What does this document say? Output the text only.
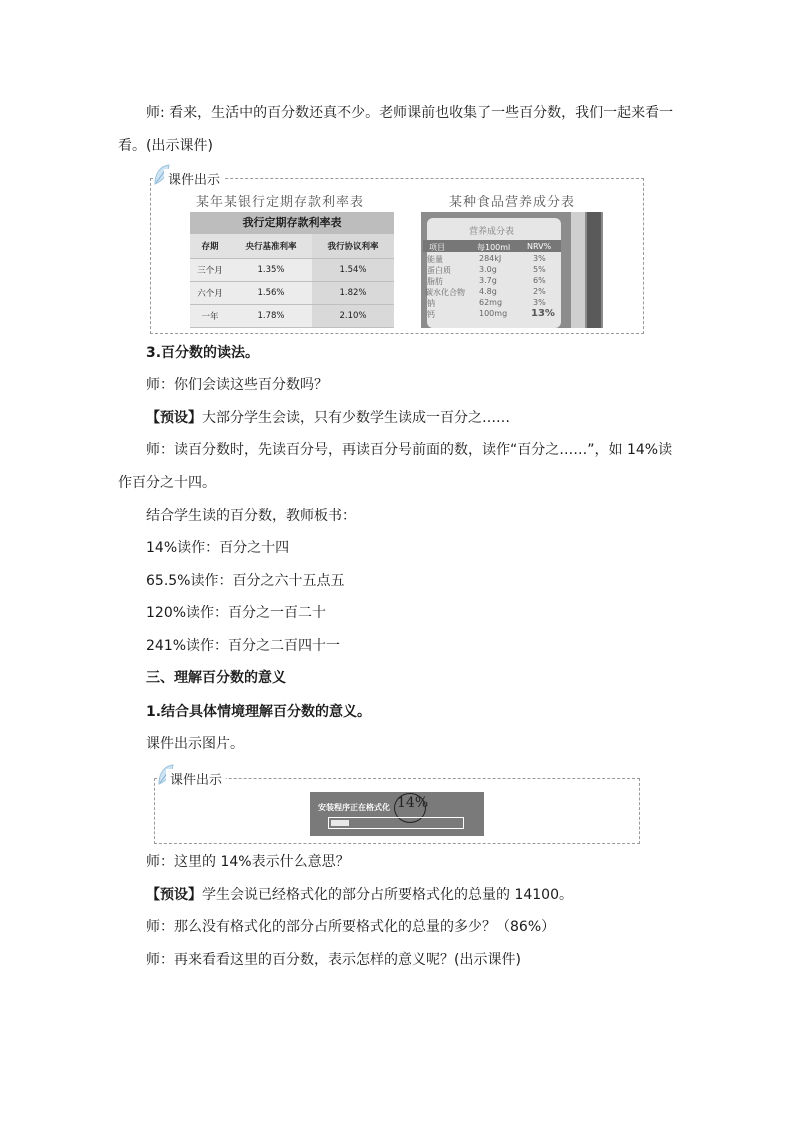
师: 看来，生活中的百分数还真不少。老师课前也收集了一些百分数，我们一起来看一
看。(出示课件)
课件出示
某年某银行定期存款利率表	某种食品营养成分表
我行定期存款利率表
存期	央行基准利率	我行协议利率
三个月	1.35%	1.54%
六个月	1.56%	1.82%
一年	1.78%	2.10%
营养成分表
项目	每100ml NRV%
能量	284kJ	3%
蛋白质	3.0g	5%
脂肪	3.7g	6%
碳水化合物 4.8g	2%
钠	62mg	3%
钙	100mg 13%
3.百分数的读法。
师：你们会读这些百分数吗？
【预设】大部分学生会读，只有少数学生读成一百分之……
师：读百分数时，先读百分号，再读百分号前面的数，读作“百分之……”，如 14%读
作百分之十四。
结合学生读的百分数，教师板书：
14%读作：百分之十四
65.5%读作：百分之六十五点五
120%读作：百分之一百二十
241%读作：百分之二百四十一
三、理解百分数的意义
1.结合具体情境理解百分数的意义。
课件出示图片。
课件出示
安装程序正在格式化 14%
师：这里的 14%表示什么意思？
【预设】学生会说已经格式化的部分占所要格式化的总量的 14100。
师：那么没有格式化的部分占所要格式化的总量的多少？（86%）
师：再来看看这里的百分数，表示怎样的意义呢？(出示课件)
